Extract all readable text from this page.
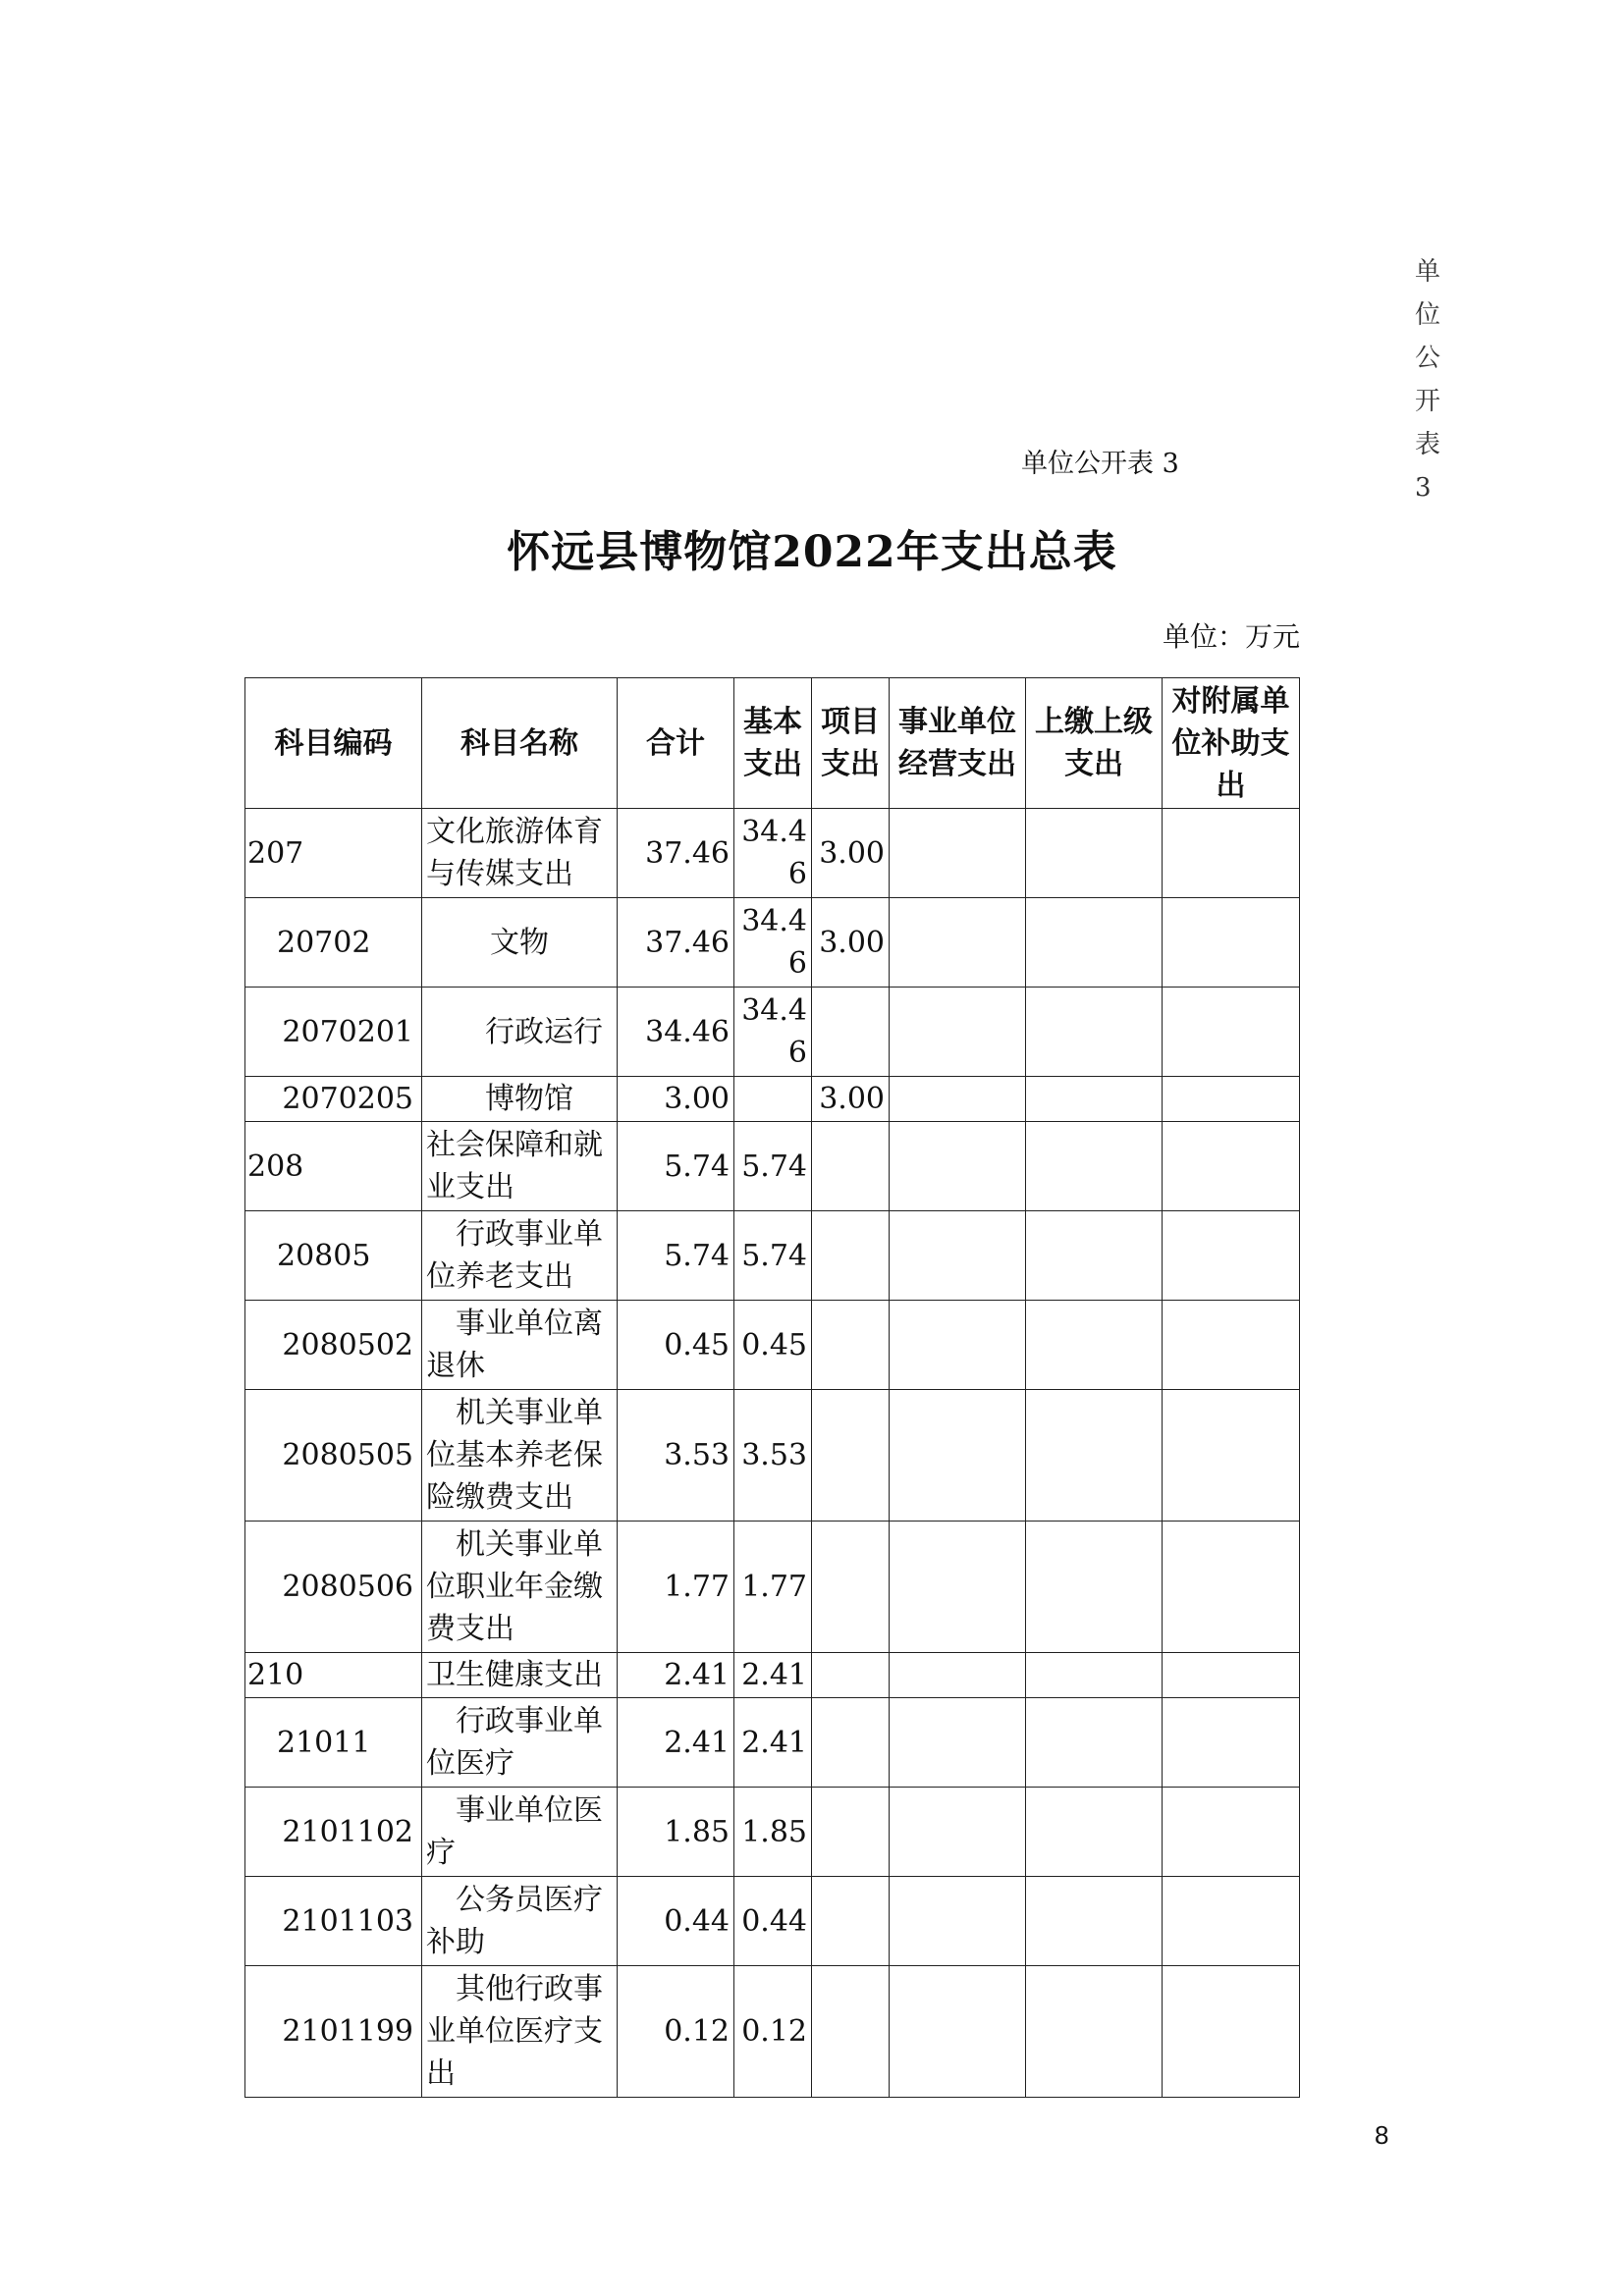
单
位
公
开
表
3
单位公开表 3
怀远县博物馆2022年支出总表
单位：万元
科目编码	科目名称	合计	基本支出	项目支出	事业单位经营支出	上缴上级支出	对附属单位补助支出
207	文化旅游体育与传媒支出	37.46	34.46	3.00			
20702	文物	37.46	34.46	3.00			
2070201	行政运行	34.46	34.46				
2070205	博物馆	3.00		3.00			
208	社会保障和就业支出	5.74	5.74				
20805	行政事业单位养老支出	5.74	5.74				
2080502	事业单位离退休	0.45	0.45				
2080505	机关事业单位基本养老保险缴费支出	3.53	3.53				
2080506	机关事业单位职业年金缴费支出	1.77	1.77				
210	卫生健康支出	2.41	2.41				
21011	行政事业单位医疗	2.41	2.41				
2101102	事业单位医疗	1.85	1.85				
2101103	公务员医疗补助	0.44	0.44				
2101199	其他行政事业单位医疗支出	0.12	0.12				
8
